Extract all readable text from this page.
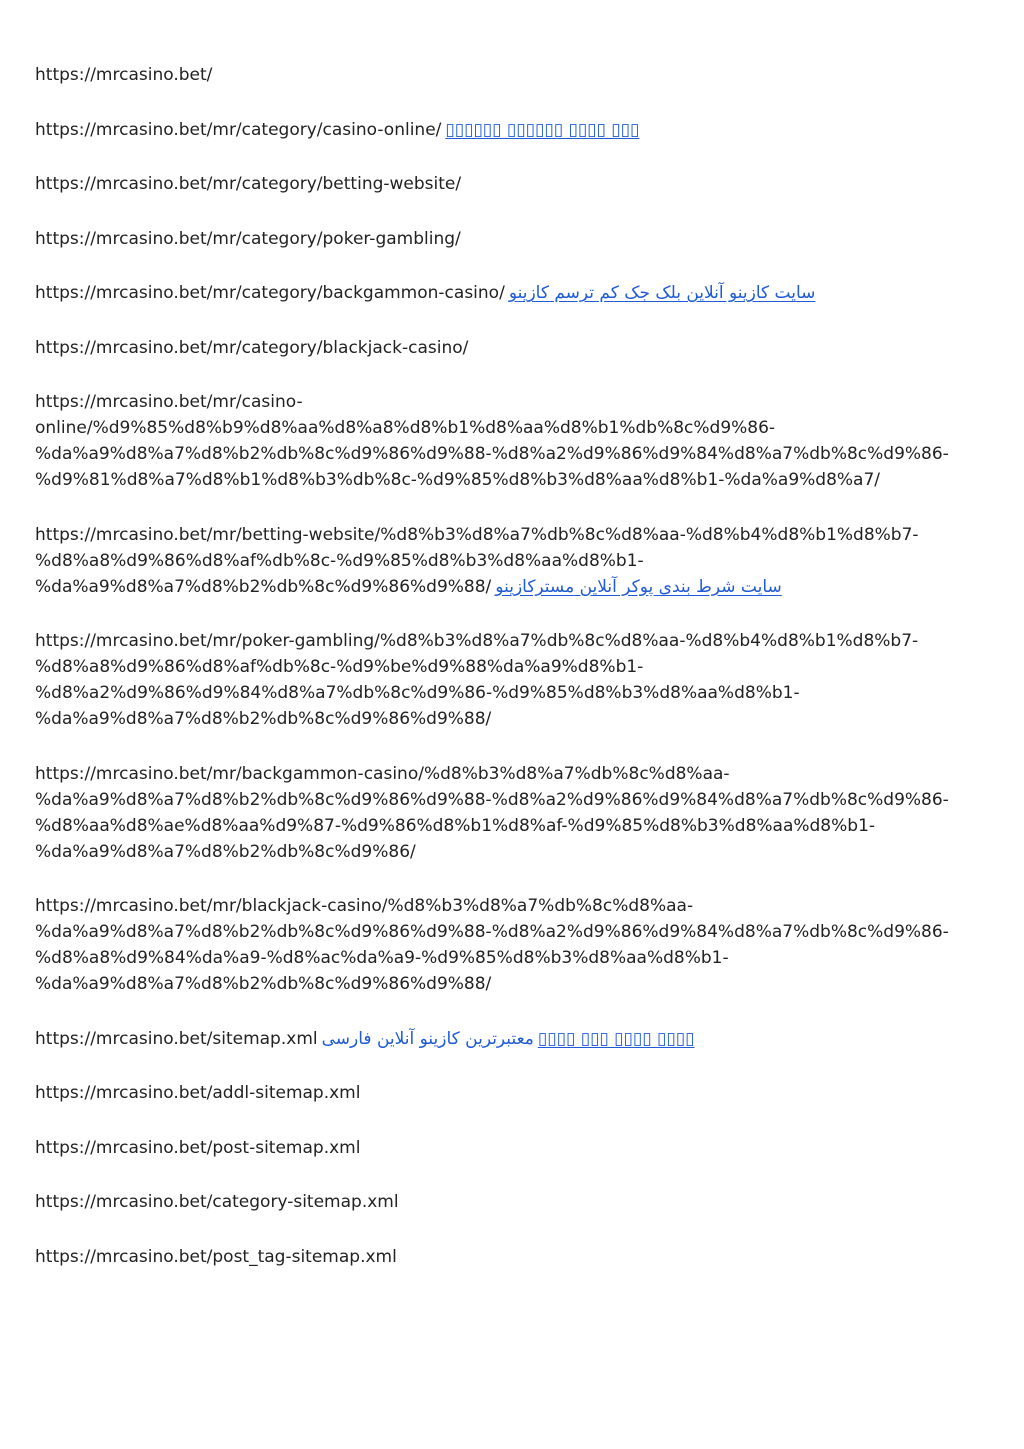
https://mrcasino.bet/
https://mrcasino.bet/mr/category/casino-online/ ▯▯▯▯▯▯ ▯▯▯▯▯▯ ▯▯▯▯ ▯▯▯
https://mrcasino.bet/mr/category/betting-website/
https://mrcasino.bet/mr/category/poker-gambling/
https://mrcasino.bet/mr/category/backgammon-casino/ سایت کازینو آنلاین بلک جک کم ترسم کازینو
https://mrcasino.bet/mr/category/blackjack-casino/
https://mrcasino.bet/mr/casino-
online/%d9%85%d8%b9%d8%aa%d8%a8%d8%b1%d8%aa%d8%b1%db%8c%d9%86-
%da%a9%d8%a7%d8%b2%db%8c%d9%86%d9%88-%d8%a2%d9%86%d9%84%d8%a7%db%8c%d9%86-
%d9%81%d8%a7%d8%b1%d8%b3%db%8c-%d9%85%d8%b3%d8%aa%d8%b1-%da%a9%d8%a7/
https://mrcasino.bet/mr/betting-website/%d8%b3%d8%a7%db%8c%d8%aa-%d8%b4%d8%b1%d8%b7-
%d8%a8%d9%86%d8%af%db%8c-%d9%85%d8%b3%d8%aa%d8%b1-
%da%a9%d8%a7%d8%b2%db%8c%d9%86%d9%88/ سایت شرط بندی پوکر آنلاین مسترکازینو
https://mrcasino.bet/mr/poker-gambling/%d8%b3%d8%a7%db%8c%d8%aa-%d8%b4%d8%b1%d8%b7-
%d8%a8%d9%86%d8%af%db%8c-%d9%be%d9%88%da%a9%d8%b1-
%d8%a2%d9%86%d9%84%d8%a7%db%8c%d9%86-%d9%85%d8%b3%d8%aa%d8%b1-
%da%a9%d8%a7%d8%b2%db%8c%d9%86%d9%88/
https://mrcasino.bet/mr/backgammon-casino/%d8%b3%d8%a7%db%8c%d8%aa-
%da%a9%d8%a7%d8%b2%db%8c%d9%86%d9%88-%d8%a2%d9%86%d9%84%d8%a7%db%8c%d9%86-
%d8%aa%d8%ae%d8%aa%d9%87-%d9%86%d8%b1%d8%af-%d9%85%d8%b3%d8%aa%d8%b1-
%da%a9%d8%a7%d8%b2%db%8c%d9%86/
https://mrcasino.bet/mr/blackjack-casino/%d8%b3%d8%a7%db%8c%d8%aa-
%da%a9%d8%a7%d8%b2%db%8c%d9%86%d9%88-%d8%a2%d9%86%d9%84%d8%a7%db%8c%d9%86-
%d8%a8%d9%84%da%a9-%d8%ac%da%a9-%d9%85%d8%b3%d8%aa%d8%b1-
%da%a9%d8%a7%d8%b2%db%8c%d9%86%d9%88/
https://mrcasino.bet/sitemap.xml معتبرترین کازینو آنلاین فارسی ▯▯▯▯ ▯▯▯ ▯▯▯▯ ▯▯▯▯
https://mrcasino.bet/addl-sitemap.xml
https://mrcasino.bet/post-sitemap.xml
https://mrcasino.bet/category-sitemap.xml
https://mrcasino.bet/post_tag-sitemap.xml
